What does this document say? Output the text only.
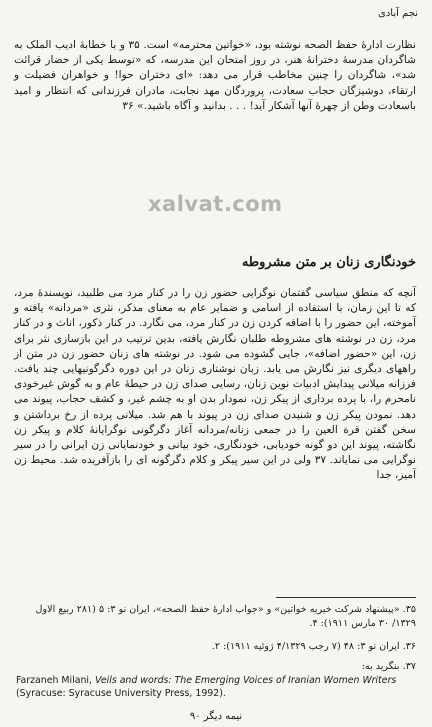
نجم آبادی
نظارت ادارهٔ حفظ الصحه نوشته بود، «خواتین محترمه» است. ۳۵ و با خطابهٔ ادیب الملک به شاگردان مدرسهٔ دخترانهٔ هنر، در روز امتحان این مدرسه، که «توسط یکی از حضار قرائت شد»، شاگردان را چنین مخاطب قرار می دهد: «ای دختران حوا! و خواهران فضیلت و ارتقاء، دوشیزگان حجاب سعادت، پروردگان مهد نجابت، مادران فرزندانی که انتظار و امید باسعادت وطن از چهرهٔ آنها آشکار آید! . . . بدانید و آگاه باشید.» ۳۶
xalvat.com
خودنگاری زنان بر متن مشروطه
آنچه که منطق سیاسی گفتمان نوگرایی حضور زن را در کنار مرد می طلبید، نویسندهٔ مرد، که تا این زمان، با استفاده از اسامی و ضمایر عام به معنای مذکر، نثری «مردانه» یافته و آموخته، این حضور را با اضافه کردن زن در کنار مرد، می نگارد. در کنار ذکور، اناث و در کنار مرد، زن در نوشته های مشروطه طلبان نگارش یافته، بدین ترتیب در این بازسازی نثر برای زن، این «حضور اضافه»، جایی گشوده می شود. در نوشته های زنان حضور زن در متن از راههای دیگری نیز نگارش می یابد. زبان نوشتاری زنان در این دوره دگرگونیهایی چند یافت. فرزانه میلانی پیدایش ادبیات نوین زنان، رسایی صدای زن در حیطهٔ عام و به گوش غیرخودی نامحرم را، با پرده برداری از پیکر زن، نمودار بدن او به چشم غیر، و کشف حجاب، پیوند می دهد. نمودن پیکر زن و شنیدن صدای زن در پیوند با هم شد. میلانی پرده از رخ برداشتن و سخن گفتن قرة العین را در جمعی زنانه/مردانه آغاز دگرگونی نوگرایانهٔ کلام و پیکر زن نگاشته، پیوند این دو گونه خودیابی، خودنگاری، خود بیانی و خودنمایانی زن ایرانی را در سیر نوگرایی می نمایاند. ۳۷ ولی در این سیر پیکر و کلام دگرگونه ای را بازآفریده شد. محیط زن آمیز، جدا
۳۵. «پیشنهاد شرکت خیریه خواتین» و «جواب ادارهٔ حفظ الصحه»، ایران نو ۳: ۵ (۲۸۱ ربیع الاول ۱۳۲۹/ ۳۰ مارس ۱۹۱۱): ۴.
۳۶. ایران نو ۳: ۴۸ (۷ رجب ۴/۱۳۲۹ ژوئیه ۱۹۱۱): ۲.
۳۷. بنگرید به:
Farzaneh Milani, Veils and words: The Emerging Voices of Iranian Women Writers (Syracuse: Syracuse University Press, 1992).
نیمه دیگر ۹۰
